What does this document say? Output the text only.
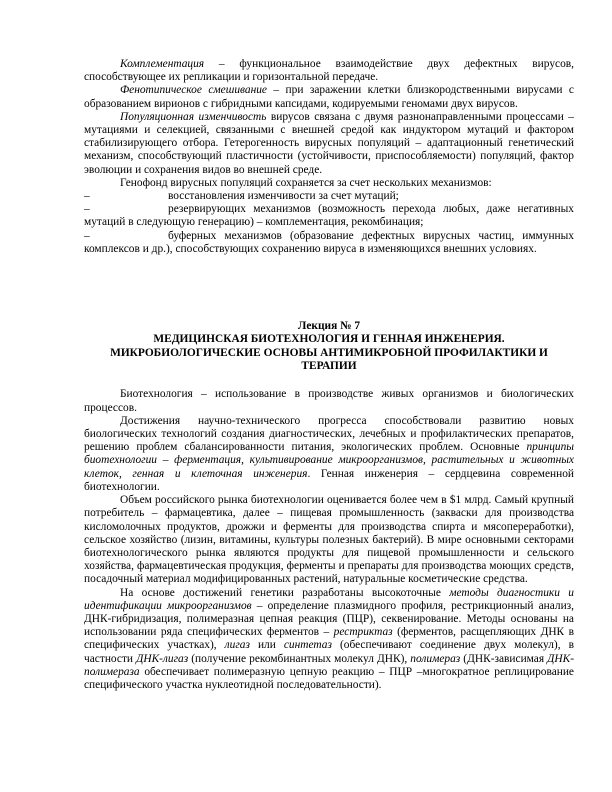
Комплементация – функциональное взаимодействие двух дефектных вирусов, способствующее их репликации и горизонтальной передаче.

Фенотипическое смешивание – при заражении клетки близкородственными вирусами с образованием вирионов с гибридными капсидами, кодируемыми геномами двух вирусов.

Популяционная изменчивость вирусов связана с двумя разнонаправленными процессами – мутациями и селекцией, связанными с внешней средой как индуктором мутаций и фактором стабилизирующего отбора. Гетерогенность вирусных популяций – адаптационный генетический механизм, способствующий пластичности (устойчивости, приспособляемости) популяций, фактор эволюции и сохранения видов во внешней среде.

Генофонд вирусных популяций сохраняется за счет нескольких механизмов:

–	восстановления изменчивости за счет мутаций;

–	резервирующих механизмов (возможность перехода любых, даже негативных мутаций в следующую генерацию) – комплементация, рекомбинация;

–	буферных механизмов (образование дефектных вирусных частиц, иммунных комплексов и др.), способствующих сохранению вируса в изменяющихся внешних условиях.

Лекция № 7

МЕДИЦИНСКАЯ БИОТЕХНОЛОГИЯ И ГЕННАЯ ИНЖЕНЕРИЯ.

МИКРОБИОЛОГИЧЕСКИЕ ОСНОВЫ АНТИМИКРОБНОЙ ПРОФИЛАКТИКИ И

ТЕРАПИИ

Биотехнология – использование в производстве живых организмов и биологических процессов.

Достижения научно-технического прогресса способствовали развитию новых биологических технологий создания диагностических, лечебных и профилактических препаратов, решению проблем сбалансированности питания, экологических проблем. Основные принципы биотехнологии – ферментация, культивирование микроорганизмов, растительных и животных клеток, генная и клеточная инженерия. Генная инженерия – сердцевина современной биотехнологии.

Объем российского рынка биотехнологии оценивается более чем в $1 млрд. Самый крупный потребитель – фармацевтика, далее – пищевая промышленность (закваски для производства кисломолочных продуктов, дрожжи и ферменты для производства спирта и мясопереработки), сельское хозяйство (лизин, витамины, культуры полезных бактерий). В мире основными секторами биотехнологического рынка являются продукты для пищевой промышленности и сельского хозяйства, фармацевтическая продукция, ферменты и препараты для производства моющих средств, посадочный материал модифицированных растений, натуральные косметические средства.

На основе достижений генетики разработаны высокоточные методы диагностики и идентификации микроорганизмов – определение плазмидного профиля, рестрикционный анализ, ДНК-гибридизация, полимеразная цепная реакция (ПЦР), секвенирование. Методы основаны на использовании ряда специфических ферментов – рестриктаз (ферментов, расщепляющих ДНК в специфических участках), лигаз или синтетаз (обеспечивают соединение двух молекул), в частности ДНК-лигаз (получение рекомбинантных молекул ДНК), полимераз (ДНК-зависимая ДНК-полимераза обеспечивает полимеразную цепную реакцию – ПЦР –многократное реплицирование специфического участка нуклеотидной последовательности).
